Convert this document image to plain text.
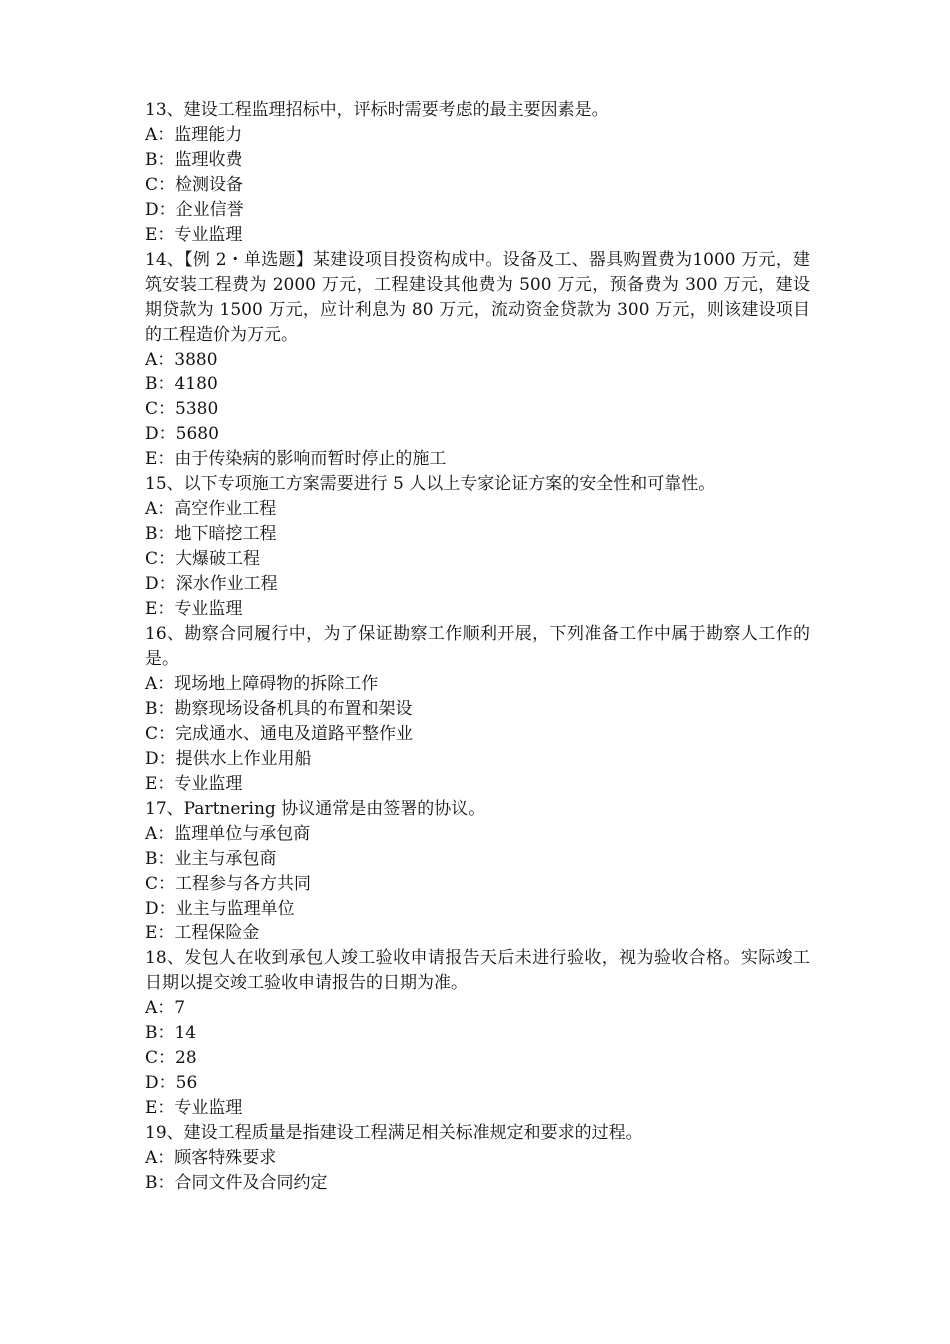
13、建设工程监理招标中，评标时需要考虑的最主要因素是。
A：监理能力
B：监理收费
C：检测设备
D：企业信誉
E：专业监理
14、【例 2・单选题】某建设项目投资构成中。设备及工、器具购置费为1000 万元，建筑安装工程费为 2000 万元，工程建设其他费为 500 万元，预备费为 300 万元，建设期贷款为 1500 万元，应计利息为 80 万元，流动资金贷款为 300 万元，则该建设项目的工程造价为万元。
A：3880
B：4180
C：5380
D：5680
E：由于传染病的影响而暂时停止的施工
15、以下专项施工方案需要进行 5 人以上专家论证方案的安全性和可靠性。
A：高空作业工程
B：地下暗挖工程
C：大爆破工程
D：深水作业工程
E：专业监理
16、勘察合同履行中，为了保证勘察工作顺利开展，下列准备工作中属于勘察人工作的是。
A：现场地上障碍物的拆除工作
B：勘察现场设备机具的布置和架设
C：完成通水、通电及道路平整作业
D：提供水上作业用船
E：专业监理
17、Partnering 协议通常是由签署的协议。
A：监理单位与承包商
B：业主与承包商
C：工程参与各方共同
D：业主与监理单位
E：工程保险金
18、发包人在收到承包人竣工验收申请报告天后未进行验收，视为验收合格。实际竣工日期以提交竣工验收申请报告的日期为准。
A：7
B：14
C：28
D：56
E：专业监理
19、建设工程质量是指建设工程满足相关标准规定和要求的过程。
A：顾客特殊要求
B：合同文件及合同约定
